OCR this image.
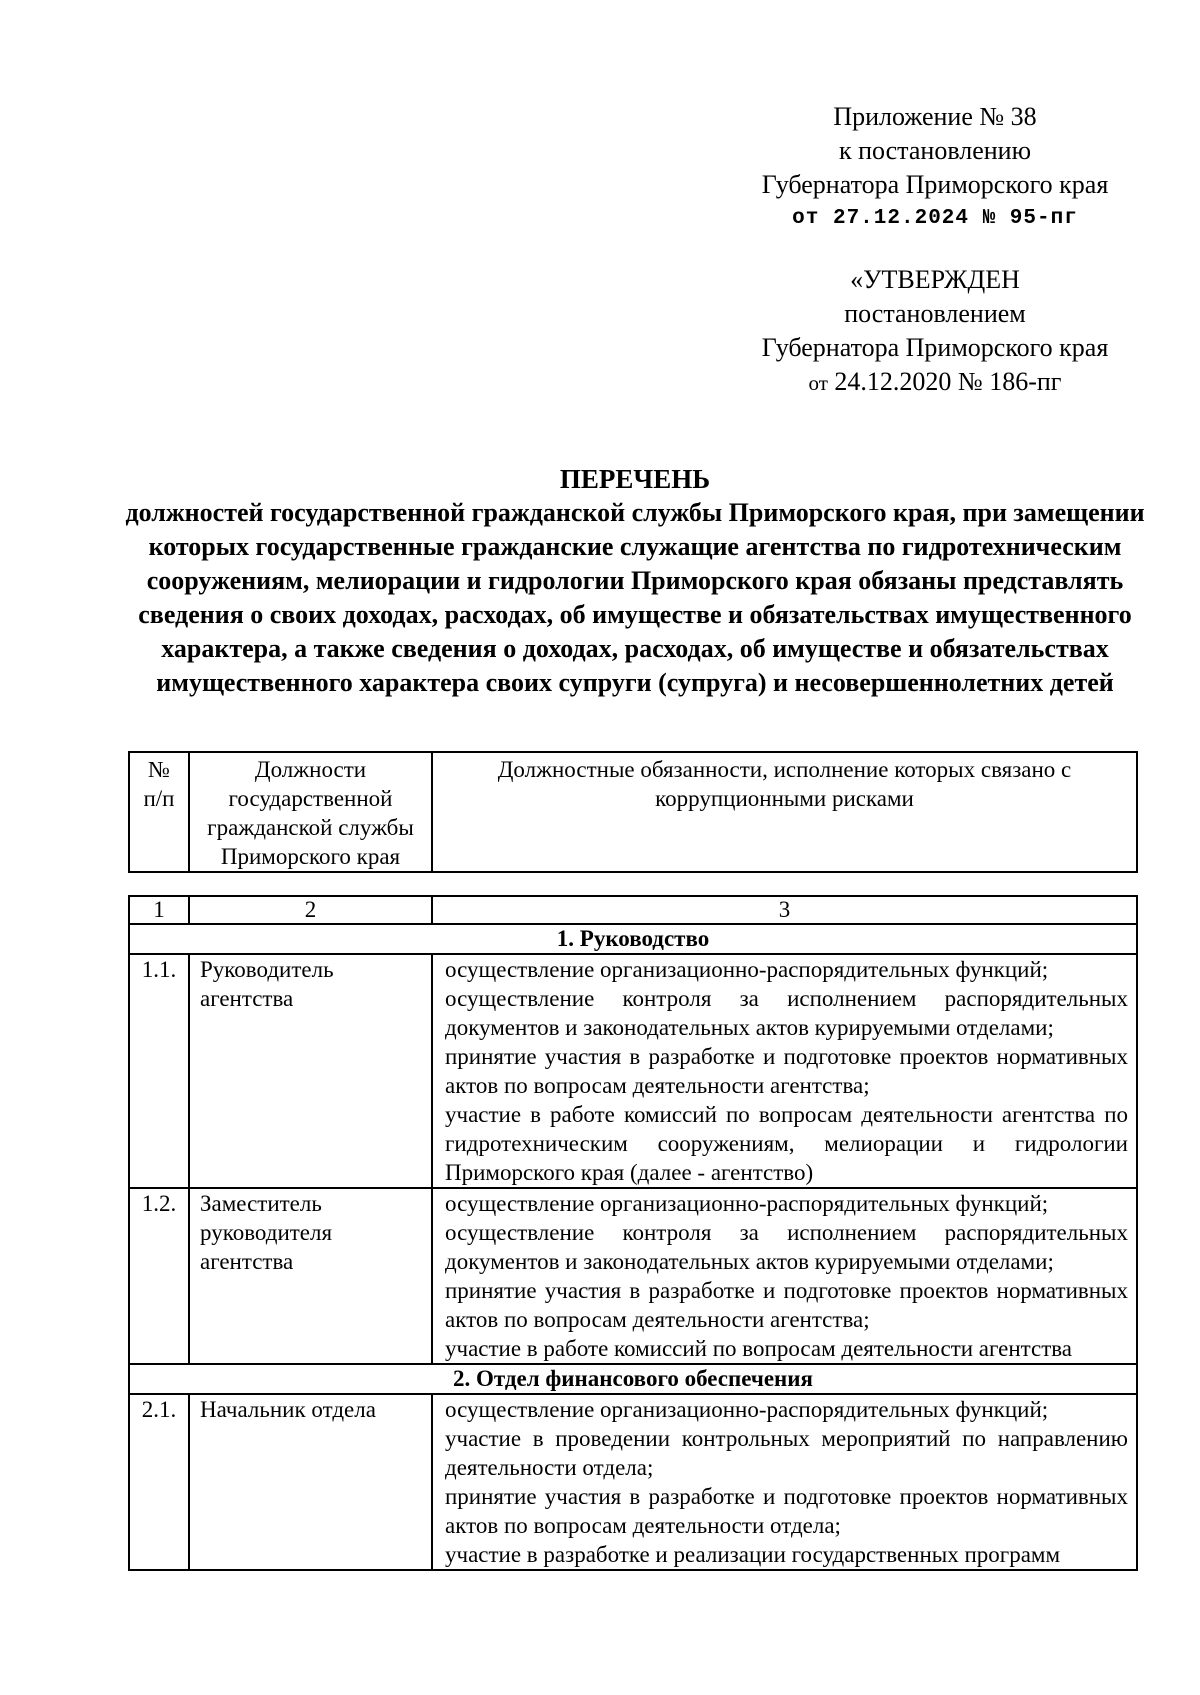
Приложение № 38
к постановлению
Губернатора Приморского края
от 27.12.2024 № 95-пг
«УТВЕРЖДЕН
постановлением
Губернатора Приморского края
от 24.12.2020 № 186-пг
ПЕРЕЧЕНЬ
должностей государственной гражданской службы Приморского края, при замещении которых государственные гражданские служащие агентства по гидротехническим сооружениям, мелиорации и гидрологии Приморского края обязаны представлять сведения о своих доходах, расходах, об имуществе и обязательствах имущественного характера, а также сведения о доходах, расходах, об имуществе и обязательствах имущественного характера своих супруги (супруга) и несовершеннолетних детей
№ п/п	Должности государственной гражданской службы Приморского края	Должностные обязанности, исполнение которых связано с коррупционными рисками
1	2	3
1. Руководство		
1.1.	Руководитель агентства	осуществление организационно-распорядительных функций;
осуществление контроля за исполнением распорядительных документов и законодательных актов курируемыми отделами;
принятие участия в разработке и подготовке проектов нормативных актов по вопросам деятельности агентства;
участие в работе комиссий по вопросам деятельности агентства по гидротехническим сооружениям, мелиорации и гидрологии Приморского края (далее - агентство)

1.2.	Заместитель руководителя агентства	осуществление организационно-распорядительных функций;
осуществление контроля за исполнением распорядительных документов и законодательных актов курируемыми отделами;
принятие участия в разработке и подготовке проектов нормативных актов по вопросам деятельности агентства;
участие в работе комиссий по вопросам деятельности агентства

2. Отдел финансового обеспечения		
2.1.	Начальник отдела	осуществление организационно-распорядительных функций;
участие в проведении контрольных мероприятий по направлению деятельности отдела;
принятие участия в разработке и подготовке проектов нормативных актов по вопросам деятельности отдела;
участие в разработке и реализации государственных программ
